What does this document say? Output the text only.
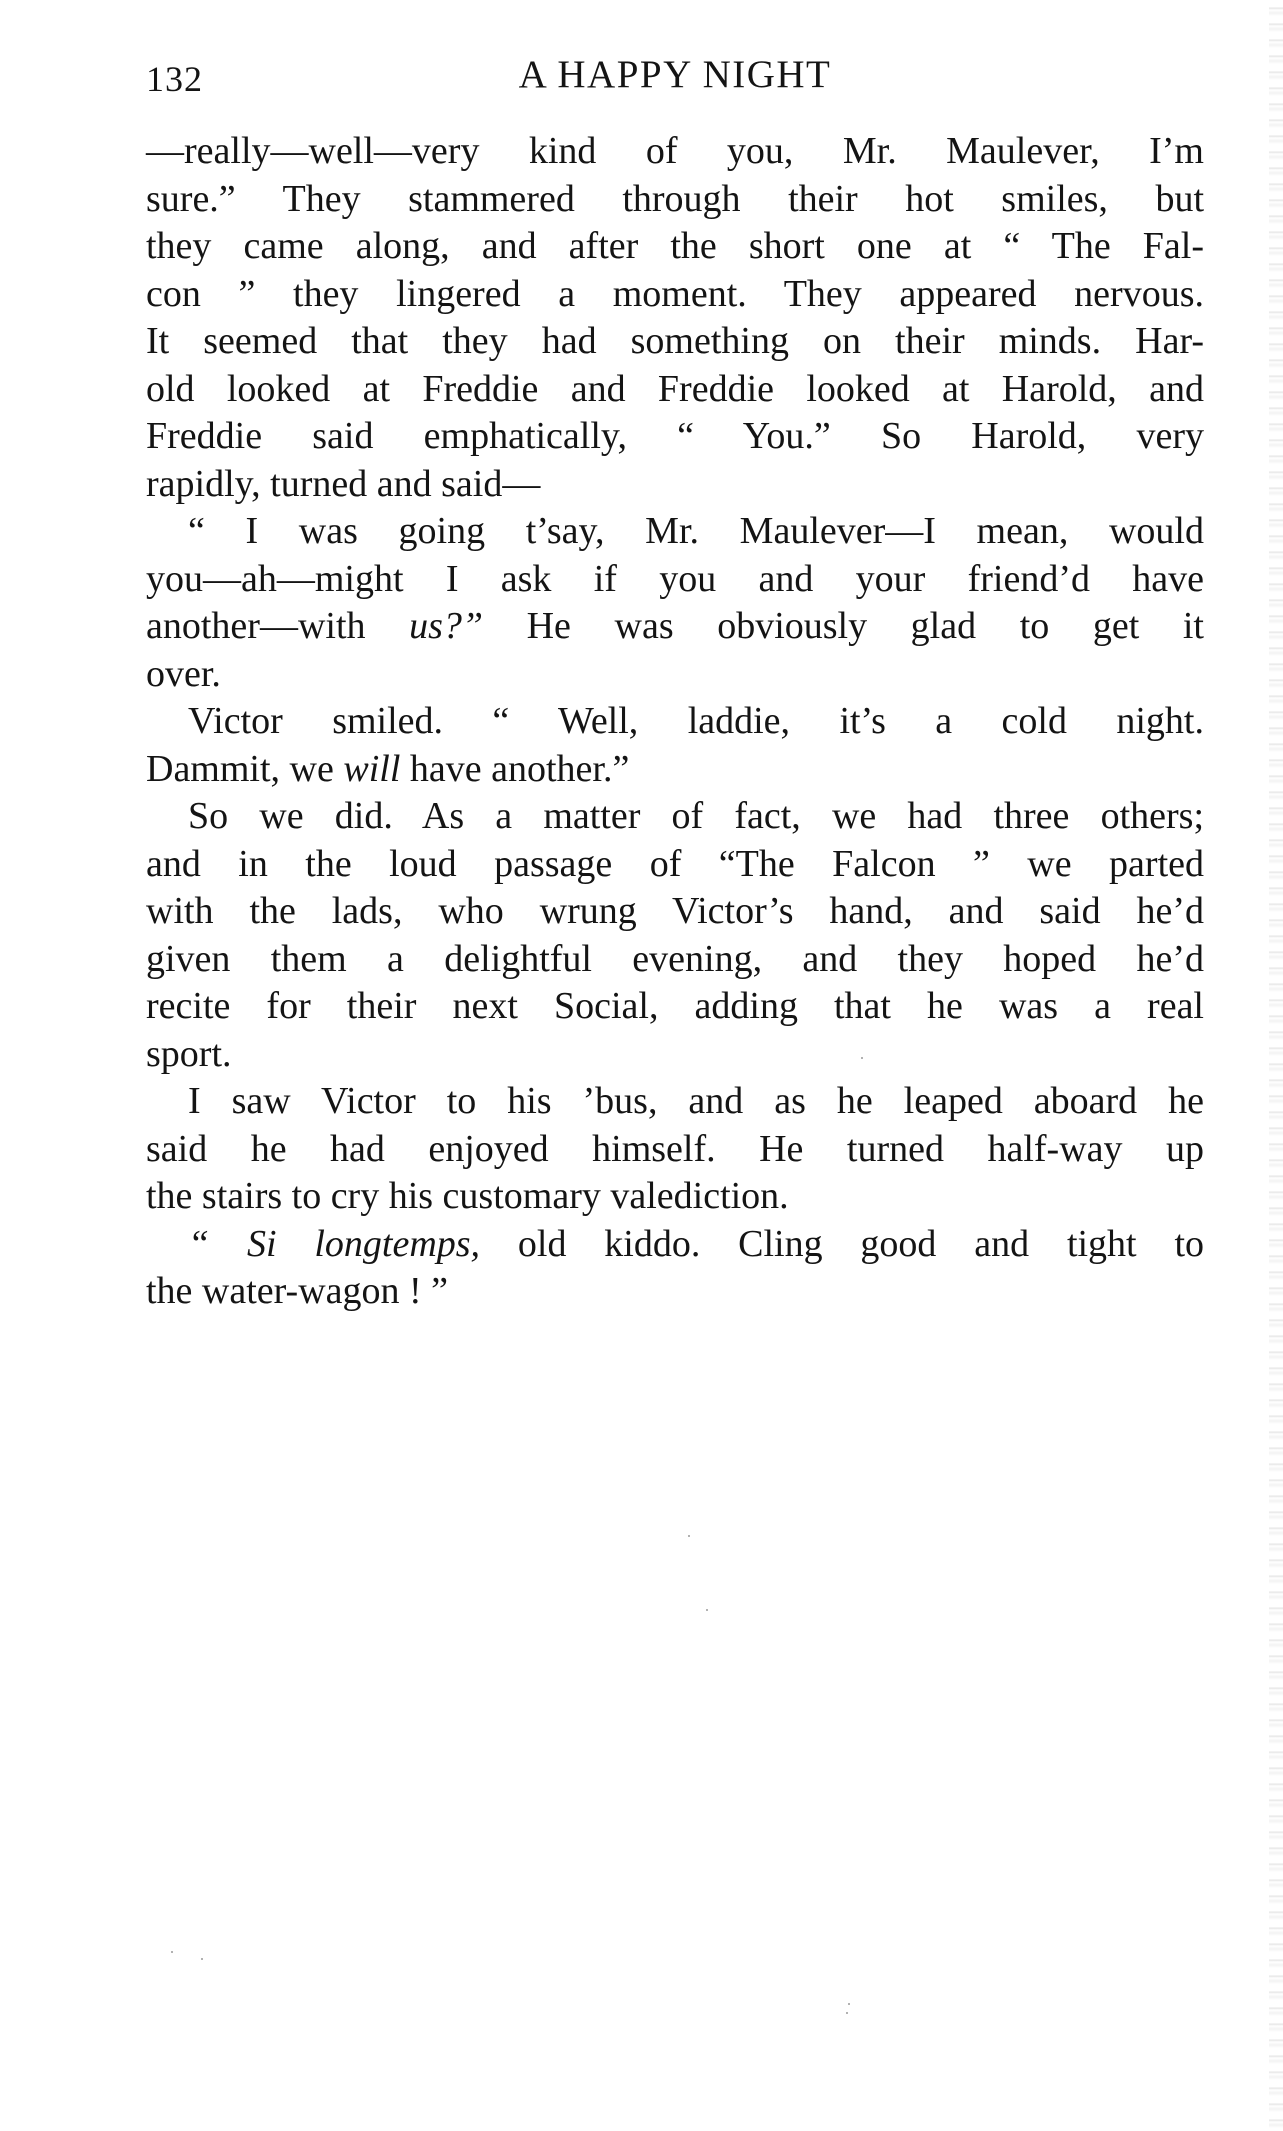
132	A HAPPY NIGHT
—really—well—very kind of you, Mr. Maulever, I’m
sure.” They stammered through their hot smiles, but
they came along, and after the short one at “ The Fal-
con ” they lingered a moment. They appeared nervous.
It seemed that they had something on their minds. Har-
old looked at Freddie and Freddie looked at Harold, and
Freddie said emphatically, “ You.” So Harold, very
rapidly, turned and said—
“ I was going t’say, Mr. Maulever—I mean, would
you—ah—might I ask if you and your friend’d have
another—with us?” He was obviously glad to get it
over.
Victor smiled. “ Well, laddie, it’s a cold night.
Dammit, we will have another.”
So we did. As a matter of fact, we had three others;
and in the loud passage of “The Falcon ” we parted
with the lads, who wrung Victor’s hand, and said he’d
given them a delightful evening, and they hoped he’d
recite for their next Social, adding that he was a real
sport.
I saw Victor to his ’bus, and as he leaped aboard he
said he had enjoyed himself. He turned half-way up
the stairs to cry his customary valediction.
“ Si longtemps, old kiddo. Cling good and tight to
the water-wagon ! ”
